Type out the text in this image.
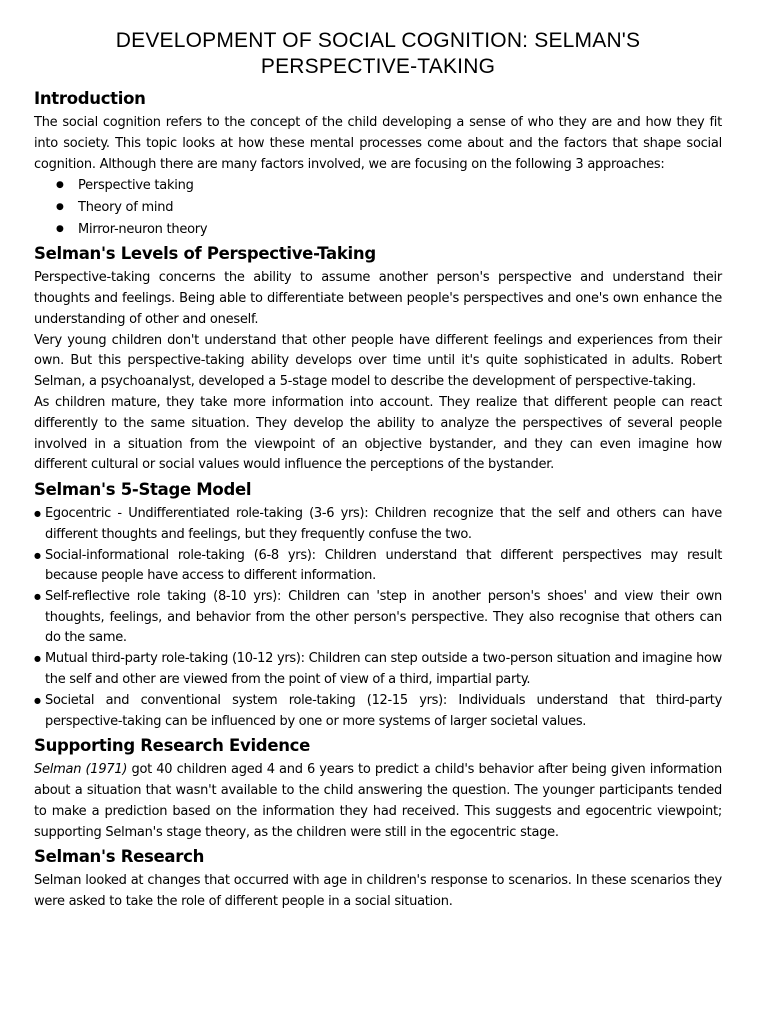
DEVELOPMENT OF SOCIAL COGNITION: SELMAN'S
PERSPECTIVE-TAKING
Introduction

The social cognition refers to the concept of the child developing a sense of who they are and how they fit into society. This topic looks at how these mental processes come about and the factors that shape social cognition. Although there are many factors involved, we are focusing on the following 3 approaches:

● Perspective taking
● Theory of mind
● Mirror-neuron theory
Selman's Levels of Perspective-Taking

Perspective-taking concerns the ability to assume another person's perspective and understand their thoughts and feelings. Being able to differentiate between people's perspectives and one's own enhance the understanding of other and oneself.

Very young children don't understand that other people have different feelings and experiences from their own. But this perspective-taking ability develops over time until it's quite sophisticated in adults. Robert Selman, a psychoanalyst, developed a 5-stage model to describe the development of perspective-taking.

As children mature, they take more information into account. They realize that different people can react differently to the same situation. They develop the ability to analyze the perspectives of several people involved in a situation from the viewpoint of an objective bystander, and they can even imagine how different cultural or social values would influence the perceptions of the bystander.

Selman's 5-Stage Model
● Egocentric - Undifferentiated role-taking (3-6 yrs): Children recognize that the self and others can have different thoughts and feelings, but they frequently confuse the two.
● Social-informational role-taking (6-8 yrs): Children understand that different perspectives may result because people have access to different information.
● Self-reflective role taking (8-10 yrs): Children can 'step in another person's shoes' and view their own thoughts, feelings, and behavior from the other person's perspective. They also recognise that others can do the same.
● Mutual third-party role-taking (10-12 yrs): Children can step outside a two-person situation and imagine how the self and other are viewed from the point of view of a third, impartial party.
● Societal and conventional system role-taking (12-15 yrs): Individuals understand that third-party perspective-taking can be influenced by one or more systems of larger societal values.
Supporting Research Evidence

Selman (1971) got 40 children aged 4 and 6 years to predict a child's behavior after being given information about a situation that wasn't available to the child answering the question. The younger participants tended to make a prediction based on the information they had received. This suggests and egocentric viewpoint; supporting Selman's stage theory, as the children were still in the egocentric stage.

Selman's Research

Selman looked at changes that occurred with age in children's response to scenarios. In these scenarios they were asked to take the role of different people in a social situation.
